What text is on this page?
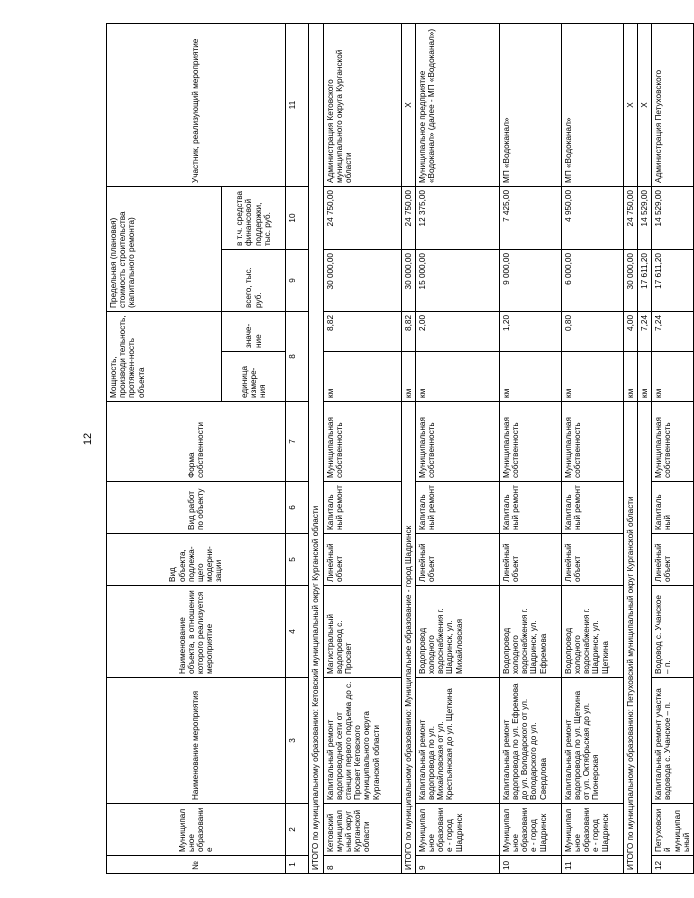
12
№	Муниципальное образование	Наименование мероприятия	Наименование объекта, в отношении которого реализуется мероприятие	Вид объекта, подлежа-щего модерни-зации	Вид работ по объекту	Форма собственности	Мощность, производи тельность, протяжен-ность объекта		Предельная (плановая) стоимость строительства (капитального ремонта)		Участник, реализующий мероприятие	
							единица измере-ния	значе-ние	всего, тыс. руб.	в т.ч. средства финансовой поддержки, тыс. руб.		
1	2	3	4	5	6	7	8		9	10	11	
ИТОГО по муниципальному образованию: Кетовский муниципальный округ Курганской области												
8	Кетовский муниципальный округ Курганской области	Капитальный ремонт водопроводной сети от станции первого подъема до с. Просвет Кетовского муниципального округа Курганской области	Магистральный водопровод с. Просвет	Линейный объект	Капиталь ный ремонт	Муниципальная собственность	км	8,82	30 000,00	24 750,00	Администрация Кетовского муниципального округа Курганской области	
ИТОГО по муниципальному образованию: Муниципальное образование - город Шадринск							км	8,82	30 000,00	24 750,00	Х	
9	Муниципальное образование - город Шадринск	Капитальный ремонт водопровода по ул. Михайловская от ул. Крестьянская до ул. Щеткина	Водопровод холодного водоснабжения г. Шадринск, ул. Михайловская	Линейный объект	Капиталь ный ремонт	Муниципальная собственность	км	2,00	15 000,00	12 375,00	Муниципальное предприятие «Водоканал» (далее - МП «Водоканал»)	
10	Муниципальное образование - город Шадринск	Капитальный ремонт водопровода по ул. Ефремова до ул. Володарского от ул. Володарского до ул. Свердлова	Водопровод холодного водоснабжения г. Шадринск, ул. Ефремова	Линейный объект	Капиталь ный ремонт	Муниципальная собственность	км	1,20	9 000,00	7 425,00	МП «Водоканал»	
11	Муниципальное образование - город Шадринск	Капитальный ремонт водопровода по ул. Щеткина от ул. Октябрьская до ул. Пионерская	Водопровод холодного водоснабжения г. Шадринск, ул. Щеткина	Линейный объект	Капиталь ный ремонт	Муниципальная собственность	км	0,80	6 000,00	4 950,00	МП «Водоканал»	
ИТОГО по муниципальному образованию: Петуховский муниципальный округ Курганской области							км	4,00	30 000,00	24 750,00	Х	
							км	7,24	17 611,20	14 529,00	Х	
12	Петуховский муниципальный	Капитальный ремонт участка водовода с. Учанское – п.	Водовод с. Учанское – п.	Линейный объект	Капиталь ный	Муниципальная собственность	км	7,24	17 611,20	14 529,00	Администрация Петуховского	
